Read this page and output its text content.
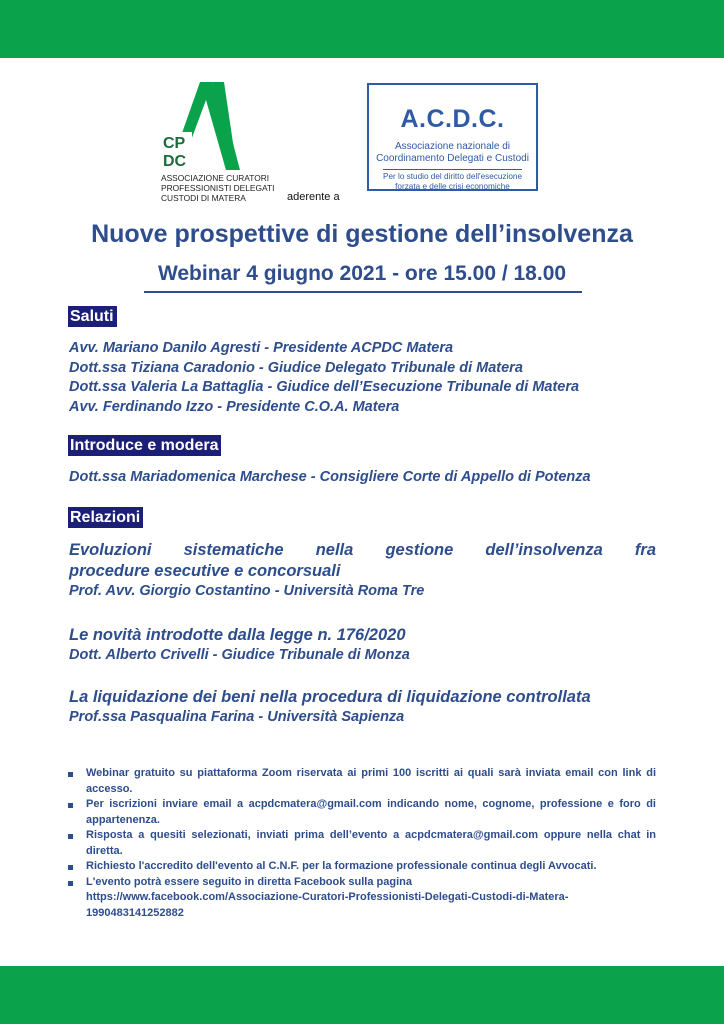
CP
DC
ASSOCIAZIONE CURATORI
PROFESSIONISTI DELEGATI
CUSTODI DI MATERA	aderente a
A.C.D.C.
Associazione nazionale di
Coordinamento Delegati e Custodi
Per lo studio del diritto dell'esecuzione
forzata e delle crisi economiche
Nuove prospettive di gestione dell’insolvenza
Webinar 4 giugno 2021 - ore 15.00 / 18.00
Saluti
Avv. Mariano Danilo Agresti - Presidente ACPDC Matera
Dott.ssa Tiziana Caradonio - Giudice Delegato Tribunale di Matera
Dott.ssa Valeria La Battaglia - Giudice dell’Esecuzione Tribunale di Matera
Avv. Ferdinando Izzo - Presidente C.O.A. Matera
Introduce e modera
Dott.ssa Mariadomenica Marchese - Consigliere Corte di Appello di Potenza
Relazioni
Evoluzioni sistematiche nella gestione dell’insolvenza fra
procedure esecutive e concorsuali
Prof. Avv. Giorgio Costantino - Università Roma Tre
Le novità introdotte dalla legge n. 176/2020
Dott. Alberto Crivelli - Giudice Tribunale di Monza
La liquidazione dei beni nella procedura di liquidazione controllata
Prof.ssa Pasqualina Farina - Università Sapienza
Webinar gratuito su piattaforma Zoom riservata ai primi 100 iscritti ai quali sarà inviata email con link di accesso.
Per iscrizioni inviare email a acpdcmatera@gmail.com indicando nome, cognome, professione e foro di appartenenza.
Risposta a quesiti selezionati, inviati prima dell’evento a acpdcmatera@gmail.com oppure nella chat in diretta.
Richiesto l'accredito dell'evento al C.N.F. per la formazione professionale continua degli Avvocati.
L'evento potrà essere seguito in diretta Facebook sulla pagina
https://www.facebook.com/Associazione-Curatori-Professionisti-Delegati-Custodi-di-Matera-
1990483141252882
